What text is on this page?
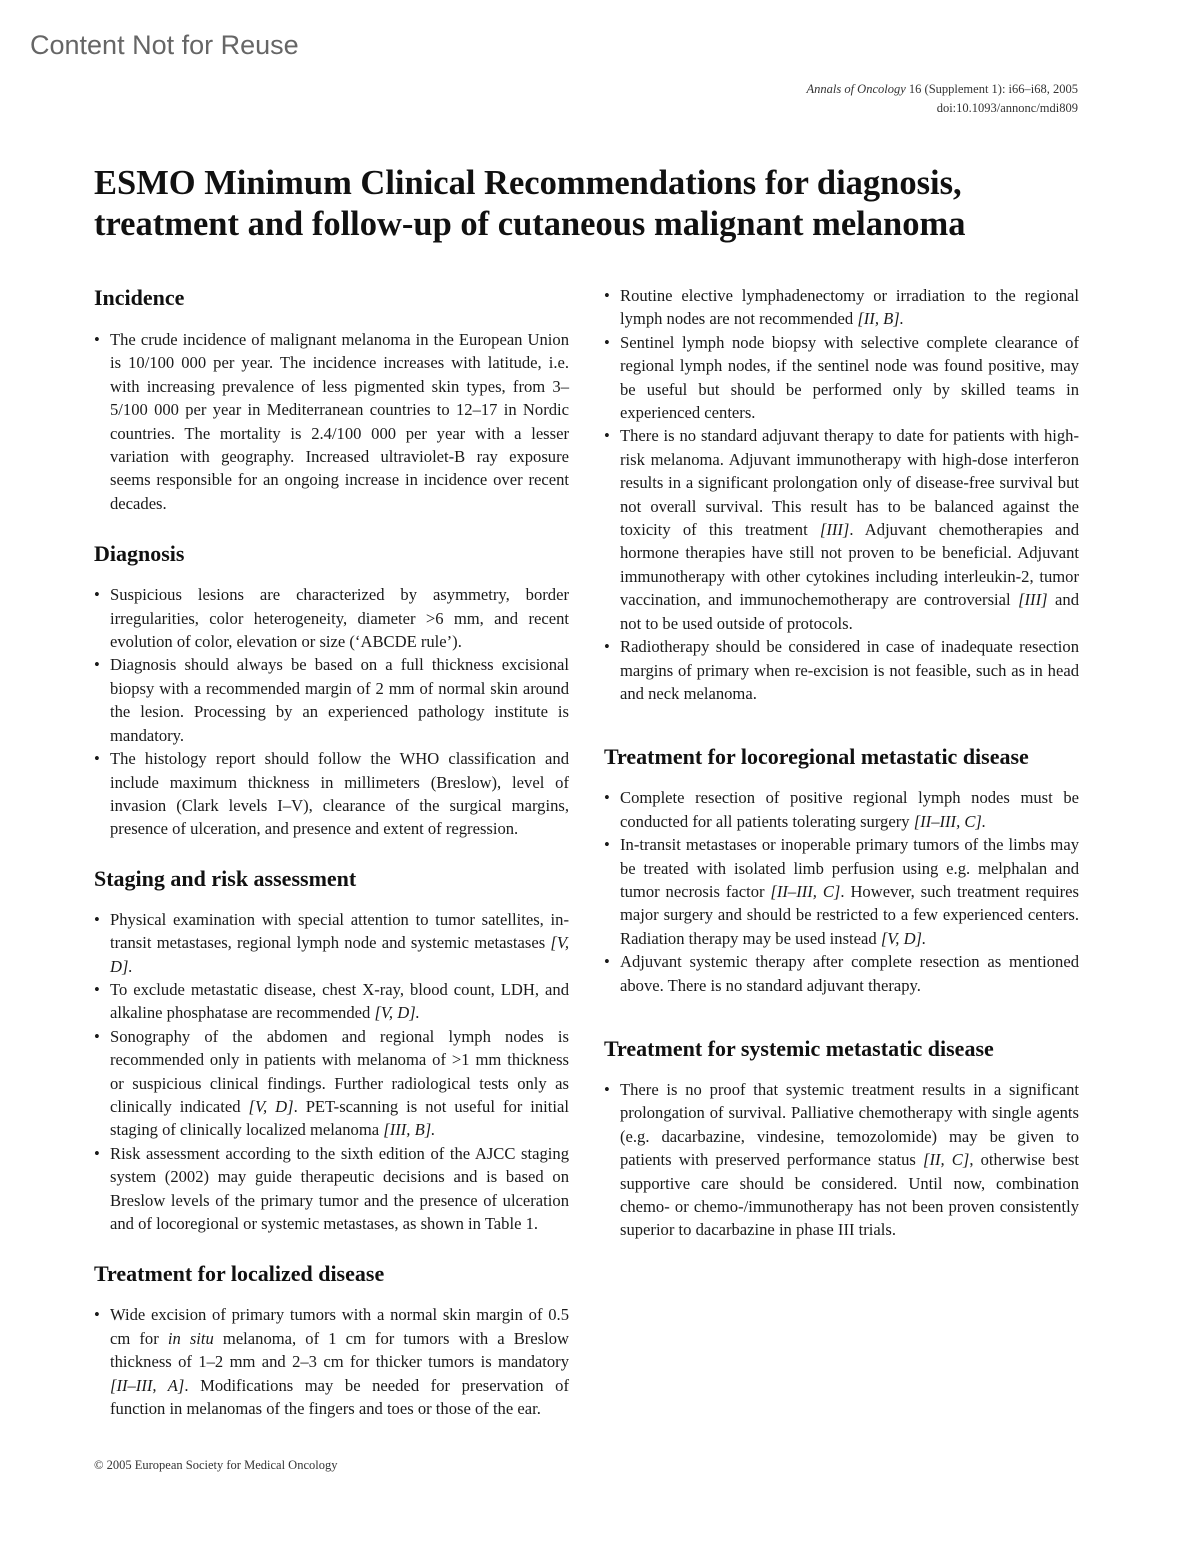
Content Not for Reuse
Annals of Oncology 16 (Supplement 1): i66–i68, 2005
doi:10.1093/annonc/mdi809
ESMO Minimum Clinical Recommendations for diagnosis,
treatment and follow-up of cutaneous malignant melanoma
Incidence
• The crude incidence of malignant melanoma in the European Union is 10/100 000 per year. The incidence increases with latitude, i.e. with increasing prevalence of less pigmented skin types, from 3–5/100 000 per year in Mediterranean countries to 12–17 in Nordic countries. The mortality is 2.4/100 000 per year with a lesser variation with geography. Increased ultraviolet-B ray exposure seems responsible for an ongoing increase in incidence over recent decades.
Diagnosis
• Suspicious lesions are characterized by asymmetry, border irregularities, color heterogeneity, diameter >6 mm, and recent evolution of color, elevation or size (‘ABCDE rule’).
• Diagnosis should always be based on a full thickness excisional biopsy with a recommended margin of 2 mm of normal skin around the lesion. Processing by an experienced pathology institute is mandatory.
• The histology report should follow the WHO classification and include maximum thickness in millimeters (Breslow), level of invasion (Clark levels I–V), clearance of the surgical margins, presence of ulceration, and presence and extent of regression.
Staging and risk assessment
• Physical examination with special attention to tumor satellites, in-transit metastases, regional lymph node and systemic metastases [V, D].
• To exclude metastatic disease, chest X-ray, blood count, LDH, and alkaline phosphatase are recommended [V, D].
• Sonography of the abdomen and regional lymph nodes is recommended only in patients with melanoma of >1 mm thickness or suspicious clinical findings. Further radiological tests only as clinically indicated [V, D]. PET-scanning is not useful for initial staging of clinically localized melanoma [III, B].
• Risk assessment according to the sixth edition of the AJCC staging system (2002) may guide therapeutic decisions and is based on Breslow levels of the primary tumor and the presence of ulceration and of locoregional or systemic metastases, as shown in Table 1.
Treatment for localized disease
• Wide excision of primary tumors with a normal skin margin of 0.5 cm for in situ melanoma, of 1 cm for tumors with a Breslow thickness of 1–2 mm and 2–3 cm for thicker tumors is mandatory [II–III, A]. Modifications may be needed for preservation of function in melanomas of the fingers and toes or those of the ear.
• Routine elective lymphadenectomy or irradiation to the regional lymph nodes are not recommended [II, B].
• Sentinel lymph node biopsy with selective complete clearance of regional lymph nodes, if the sentinel node was found positive, may be useful but should be performed only by skilled teams in experienced centers.
• There is no standard adjuvant therapy to date for patients with high-risk melanoma. Adjuvant immunotherapy with high-dose interferon results in a significant prolongation only of disease-free survival but not overall survival. This result has to be balanced against the toxicity of this treatment [III]. Adjuvant chemotherapies and hormone therapies have still not proven to be beneficial. Adjuvant immunotherapy with other cytokines including interleukin-2, tumor vaccination, and immunochemotherapy are controversial [III] and not to be used outside of protocols.
• Radiotherapy should be considered in case of inadequate resection margins of primary when re-excision is not feasible, such as in head and neck melanoma.
Treatment for locoregional metastatic disease
• Complete resection of positive regional lymph nodes must be conducted for all patients tolerating surgery [II–III, C].
• In-transit metastases or inoperable primary tumors of the limbs may be treated with isolated limb perfusion using e.g. melphalan and tumor necrosis factor [II–III, C]. However, such treatment requires major surgery and should be restricted to a few experienced centers. Radiation therapy may be used instead [V, D].
• Adjuvant systemic therapy after complete resection as mentioned above. There is no standard adjuvant therapy.
Treatment for systemic metastatic disease
• There is no proof that systemic treatment results in a significant prolongation of survival. Palliative chemotherapy with single agents (e.g. dacarbazine, vindesine, temozolomide) may be given to patients with preserved performance status [II, C], otherwise best supportive care should be considered. Until now, combination chemo- or chemo-/immunotherapy has not been proven consistently superior to dacarbazine in phase III trials.
© 2005 European Society for Medical Oncology
